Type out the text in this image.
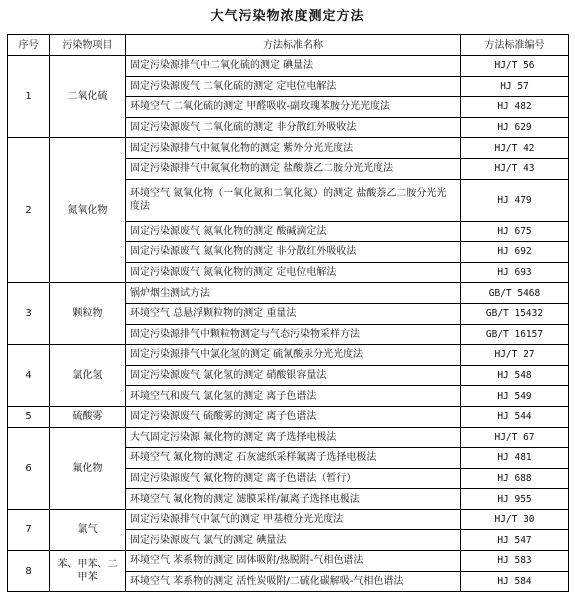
大气污染物浓度测定方法
序号	污染物项目	方法标准名称	方法标准编号
1	二氧化硫	固定污染源排气中二氧化硫的测定 碘量法	HJ/T 56
		固定污染源废气 二氧化硫的测定 定电位电解法	HJ 57
		环境空气 二氧化硫的测定 甲醛吸收-副玫瑰苯胺分光光度法	HJ 482
		固定污染源废气 二氧化硫的测定 非分散红外吸收法	HJ 629
2	氮氧化物	固定污染源排气中氮氧化物的测定 紫外分光光度法	HJ/T 42
		固定污染源排气中氮氧化物的测定 盐酸萘乙二胺分光光度法	HJ/T 43
		环境空气 氮氧化物（一氧化氮和二氧化氮）的测定 盐酸萘乙二胺分光光度法	HJ 479
		固定污染源废气 氮氧化物的测定 酸碱滴定法	HJ 675
		固定污染源废气 氮氧化物的测定 非分散红外吸收法	HJ 692
		固定污染源废气 氮氧化物的测定 定电位电解法	HJ 693
3	颗粒物	锅炉烟尘测试方法	GB/T 5468
		环境空气 总悬浮颗粒物的测定 重量法	GB/T 15432
		固定污染源排气中颗粒物测定与气态污染物采样方法	GB/T 16157
4	氯化氢	固定污染源排气中氯化氢的测定 硫氰酸汞分光光度法	HJ/T 27
		固定污染源废气 氯化氢的测定 硝酸银容量法	HJ 548
		环境空气和废气 氯化氢的测定 离子色谱法	HJ 549
5	硫酸雾	固定污染源废气 硫酸雾的测定 离子色谱法	HJ 544
6	氟化物	大气固定污染源 氟化物的测定 离子选择电极法	HJ/T 67
		环境空气 氟化物的测定 石灰滤纸采样氟离子选择电极法	HJ 481
		固定污染源废气 氟化物的测定 离子色谱法（暂行）	HJ 688
		环境空气 氟化物的测定 滤膜采样/氟离子选择电极法	HJ 955
7	氯气	固定污染源排气中氯气的测定 甲基橙分光光度法	HJ/T 30
		固定污染源废气 氯气的测定 碘量法	HJ 547
8	苯、甲苯、二甲苯	环境空气 苯系物的测定 固体吸附/热脱附-气相色谱法	HJ 583
		环境空气 苯系物的测定 活性炭吸附/二硫化碳解吸-气相色谱法	HJ 584
